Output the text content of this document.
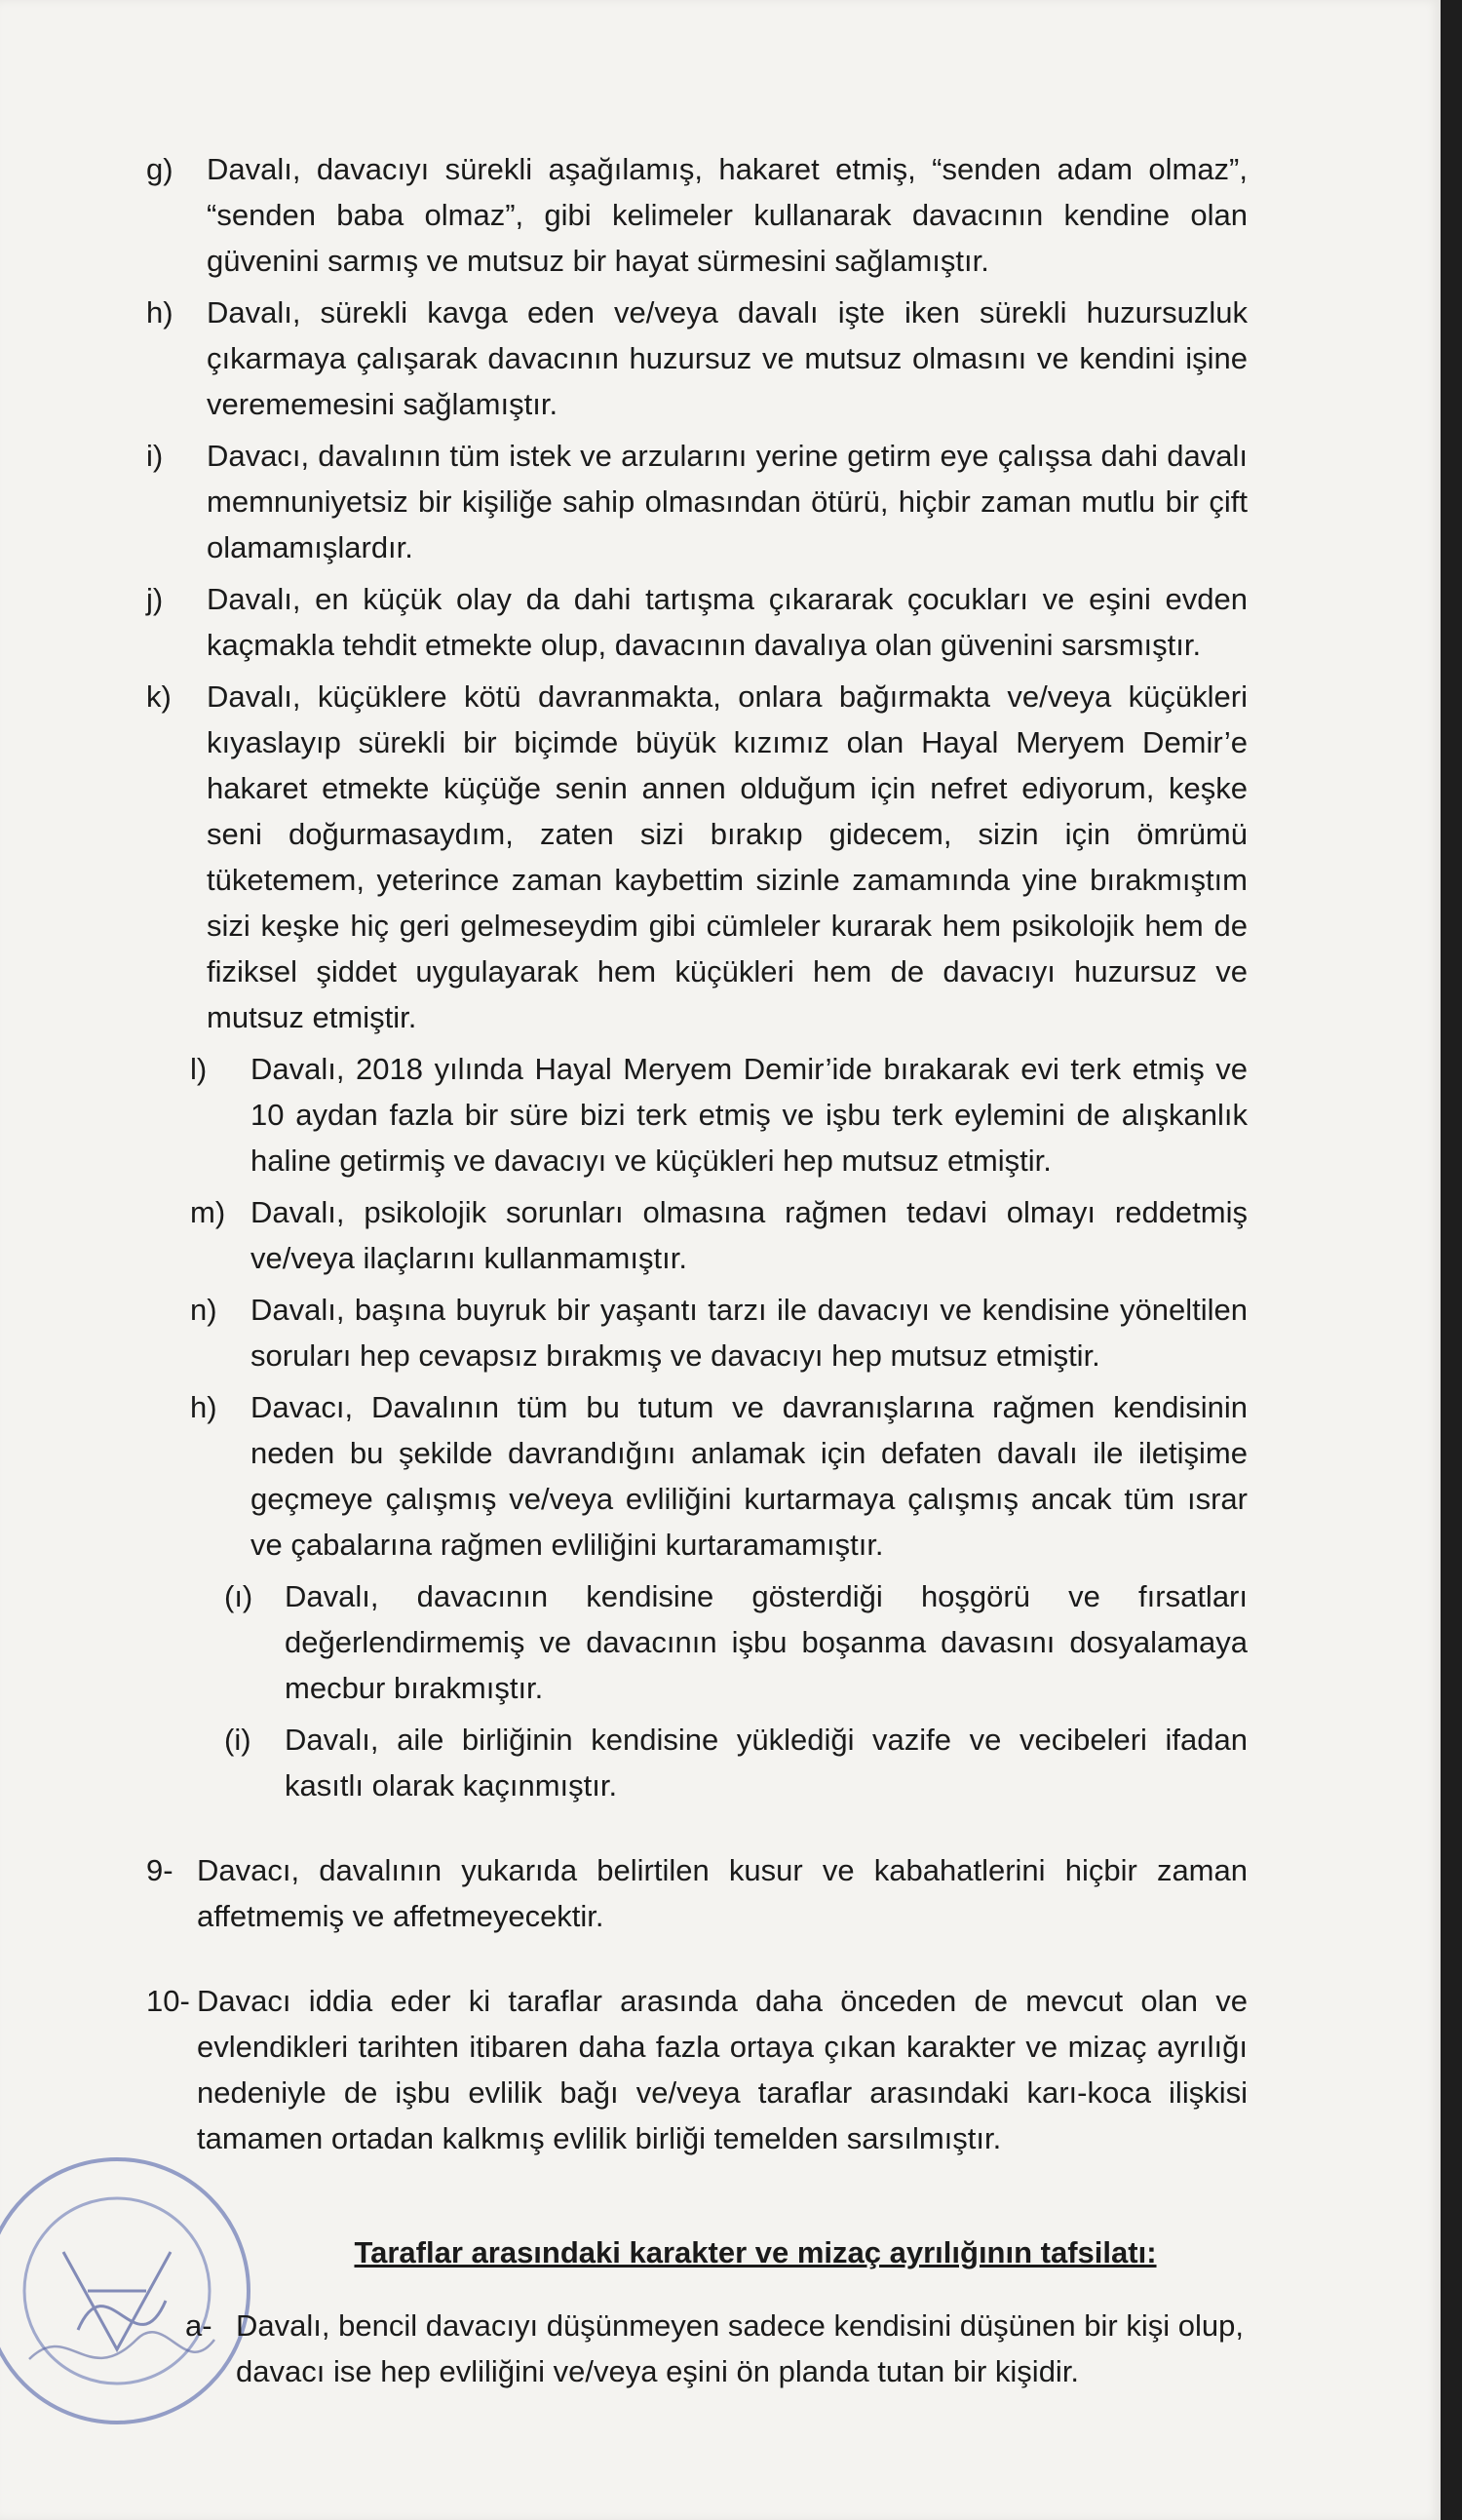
g) Davalı, davacıyı sürekli aşağılamış, hakaret etmiş, “senden adam olmaz”, “senden baba olmaz”, gibi kelimeler kullanarak davacının kendine olan güvenini sarmış ve mutsuz bir hayat sürmesini sağlamıştır.
h) Davalı, sürekli kavga eden ve/veya davalı işte iken sürekli huzursuzluk çıkarmaya çalışarak davacının huzursuz ve mutsuz olmasını ve kendini işine verememesini sağlamıştır.
i) Davacı, davalının tüm istek ve arzularını yerine getirm eye çalışsa dahi davalı memnuniyetsiz bir kişiliğe sahip olmasından ötürü, hiçbir zaman mutlu bir çift olamamışlardır.
j) Davalı, en küçük olay da dahi tartışma çıkararak çocukları ve eşini evden kaçmakla tehdit etmekte olup, davacının davalıya olan güvenini sarsmıştır.
k) Davalı, küçüklere kötü davranmakta, onlara bağırmakta ve/veya küçükleri kıyaslayıp sürekli bir biçimde büyük kızımız olan Hayal Meryem Demir’e hakaret etmekte küçüğe senin annen olduğum için nefret ediyorum, keşke seni doğurmasaydım, zaten sizi bırakıp gidecem, sizin için ömrümü tüketemem, yeterince zaman kaybettim sizinle zamamında yine bırakmıştım sizi keşke hiç geri gelmeseydim gibi cümleler kurarak hem psikolojik hem de fiziksel şiddet uygulayarak hem küçükleri hem de davacıyı huzursuz ve mutsuz etmiştir.
l) Davalı, 2018 yılında Hayal Meryem Demir’ide bırakarak evi terk etmiş ve 10 aydan fazla bir süre bizi terk etmiş ve işbu terk eylemini de alışkanlık haline getirmiş ve davacıyı ve küçükleri hep mutsuz etmiştir.
m) Davalı, psikolojik sorunları olmasına rağmen tedavi olmayı reddetmiş ve/veya ilaçlarını kullanmamıştır.
n) Davalı, başına buyruk bir yaşantı tarzı ile davacıyı ve kendisine yöneltilen soruları hep cevapsız bırakmış ve davacıyı hep mutsuz etmiştir.
h) Davacı, Davalının tüm bu tutum ve davranışlarına rağmen kendisinin neden bu şekilde davrandığını anlamak için defaten davalı ile iletişime geçmeye çalışmış ve/veya evliliğini kurtarmaya çalışmış ancak tüm ısrar ve çabalarına rağmen evliliğini kurtaramamıştır.
(ı) Davalı, davacının kendisine gösterdiği hoşgörü ve fırsatları değerlendirmemiş ve davacının işbu boşanma davasını dosyalamaya mecbur bırakmıştır.
(i) Davalı, aile birliğinin kendisine yüklediği vazife ve vecibeleri ifadan kasıtlı olarak kaçınmıştır.
9- Davacı, davalının yukarıda belirtilen kusur ve kabahatlerini hiçbir zaman affetmemiş ve affetmeyecektir.
10- Davacı iddia eder ki taraflar arasında daha önceden de mevcut olan ve evlendikleri tarihten itibaren daha fazla ortaya çıkan karakter ve mizaç ayrılığı nedeniyle de işbu evlilik bağı ve/veya taraflar arasındaki karı-koca ilişkisi tamamen ortadan kalkmış evlilik birliği temelden sarsılmıştır.
Taraflar arasındaki karakter ve mizaç ayrılığının tafsilatı:
a- Davalı, bencil davacıyı düşünmeyen sadece kendisini düşünen bir kişi olup, davacı ise hep evliliğini ve/veya eşini ön planda tutan bir kişidir.
